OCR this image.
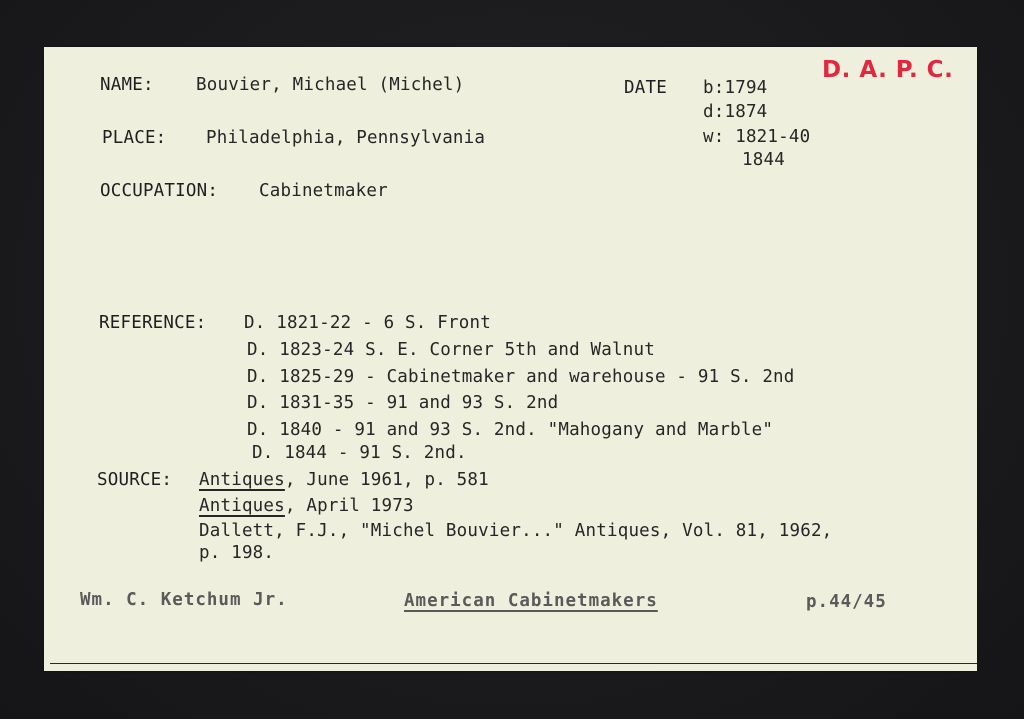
D. A. P. C.
NAME: Bouvier, Michael (Michel)	DATE b:1794
d:1874
w: 1821-40
1844
PLACE: Philadelphia, Pennsylvania
OCCUPATION: Cabinetmaker
REFERENCE: D. 1821-22 - 6 S. Front
D. 1823-24 S. E. Corner 5th and Walnut
D. 1825-29 - Cabinetmaker and warehouse - 91 S. 2nd
D. 1831-35 - 91 and 93 S. 2nd
D. 1840 - 91 and 93 S. 2nd. "Mahogany and Marble"
D. 1844 - 91 S. 2nd.
SOURCE: Antiques, June 1961, p. 581
Antiques, April 1973
Dallett, F.J., "Michel Bouvier..." Antiques, Vol. 81, 1962,
p. 198.
Wm. C. Ketchum Jr.	American Cabinetmakers	p.44/45
